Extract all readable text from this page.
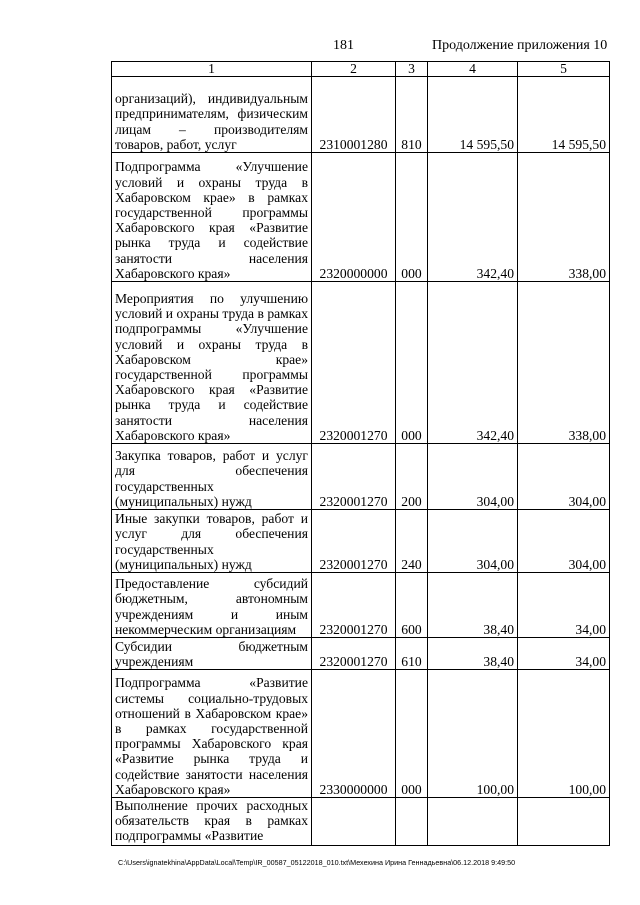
181	Продолжение приложения 10
1	2	3	4	5
организаций), индивидуальным предпринимателям, физическим лицам – производителям товаров, работ, услуг	2310001280	810	14 595,50	14 595,50
Подпрограмма «Улучшение условий и охраны труда в Хабаровском крае» в рамках государственной программы Хабаровского края «Развитие рынка труда и содействие занятости населения Хабаровского края»	2320000000	000	342,40	338,00
Мероприятия по улучшению условий и охраны труда в рамках подпрограммы «Улучшение условий и охраны труда в Хабаровском крае» государственной программы Хабаровского края «Развитие рынка труда и содействие занятости населения Хабаровского края»	2320001270	000	342,40	338,00
Закупка товаров, работ и услуг для обеспечения государственных (муниципальных) нужд	2320001270	200	304,00	304,00
Иные закупки товаров, работ и услуг для обеспечения государственных (муниципальных) нужд	2320001270	240	304,00	304,00
Предоставление субсидий бюджетным, автономным учреждениям и иным некоммерческим организациям	2320001270	600	38,40	34,00
Субсидии бюджетным учреждениям	2320001270	610	38,40	34,00
Подпрограмма «Развитие системы социально-трудовых отношений в Хабаровском крае» в рамках государственной программы Хабаровского края «Развитие рынка труда и содействие занятости населения Хабаровского края»	2330000000	000	100,00	100,00
Выполнение прочих расходных обязательств края в рамках подпрограммы «Развитие				
C:\Users\ignatekhina\AppData\Local\Temp\IR_00587_05122018_010.txt\Мехехина Ирина Геннадьевна\06.12.2018 9:49:50
